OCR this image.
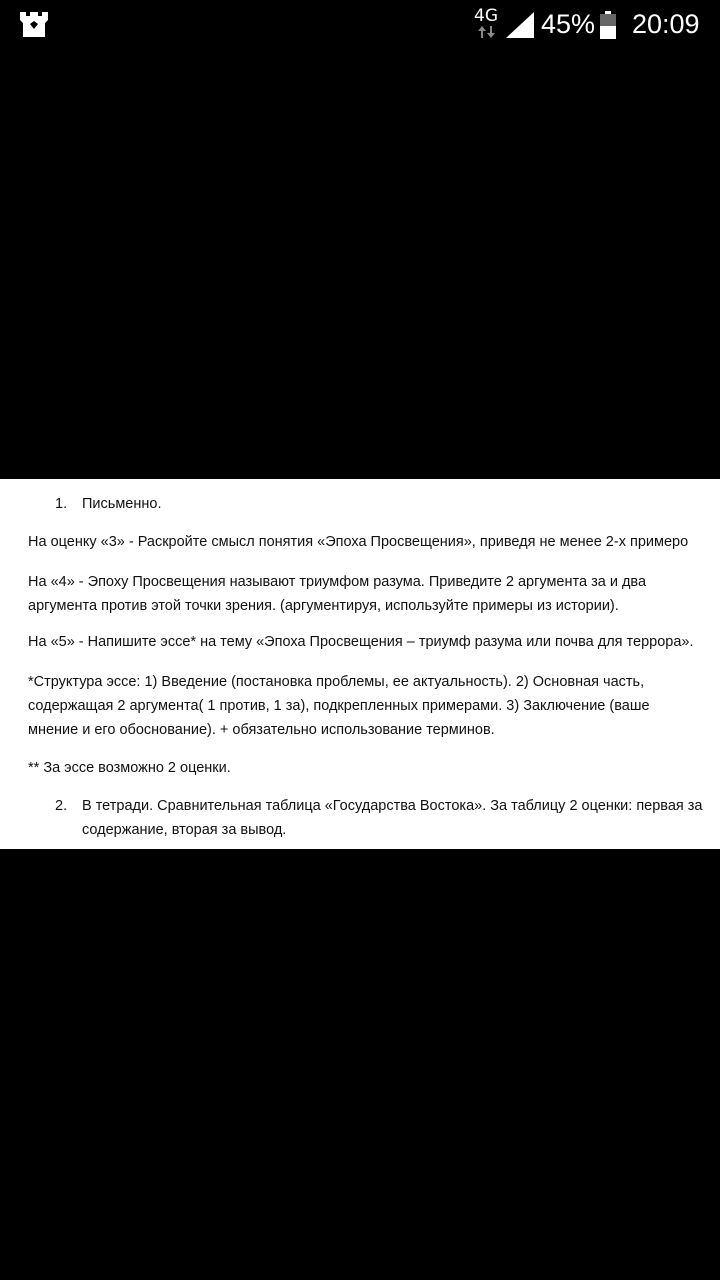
4G 45% 20:09
1. Письменно.
На оценку «3» - Раскройте смысл понятия «Эпоха Просвещения», приведя не менее 2-х примеро
На «4» - Эпоху Просвещения называют триумфом разума. Приведите 2 аргумента за и два
аргумента против этой точки зрения. (аргументируя, используйте примеры из истории).
На «5» - Напишите эссе* на тему «Эпоха Просвещения – триумф разума или почва для террора».
*Структура эссе: 1) Введение (постановка проблемы, ее актуальность). 2) Основная часть,
содержащая 2 аргумента( 1 против, 1 за), подкрепленных примерами. 3) Заключение (ваше
мнение и его обоснование). + обязательно использование терминов.
** За эссе возможно 2 оценки.
2. В тетради. Сравнительная таблица «Государства Востока». За таблицу 2 оценки: первая за
содержание, вторая за вывод.
